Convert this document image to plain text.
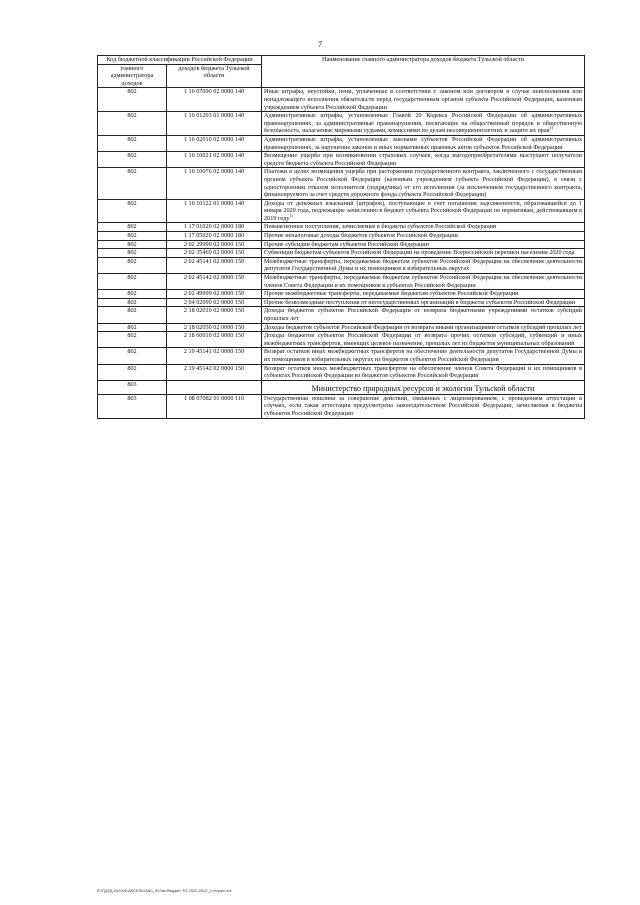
7
Код бюджетной классификации Российской Федерации		Наименование главного администратора доходов бюджета Тульской области
главного администратора доходов	доходов бюджета Тульской области	
802	1 16 07090 02 0000 140	Иные штрафы, неустойки, пени, уплаченные в соответствии с законом или договором в случае неисполнения или ненадлежащего исполнения обязательств перед государственным органом субъекта Российской Федерации, казенным учреждением субъекта Российской Федерации
802	1 16 01203 01 0000 140	Административные штрафы, установленные Главой 20 Кодекса Российской Федерации об административных правонарушениях, за административные правонарушения, посягающие на общественный порядок и общественную безопасность, налагаемые мировыми судьями, комиссиями по делам несовершеннолетних и защите их прав$^{1)}$
802	1 16 02010 02 0000 140	Административные штрафы, установленные законами субъектов Российской Федерации об административных правонарушениях, за нарушение законов и иных нормативных правовых актов субъектов Российской Федерации
802	1 16 10021 02 0000 140	Возмещение ущерба при возникновении страховых случаев, когда выгодоприобретателями выступают получатели средств бюджета субъекта Российской Федерации
802	1 16 10076 02 0000 140	Платежи в целях возмещения ущерба при расторжении государственного контракта, заключенного с государственным органом субъекта Российской Федерации (казенным учреждением субъекта Российской Федерации), в связи с односторонним отказом исполнителя (подрядчика) от его исполнения (за исключением государственного контракта, финансируемого за счет средств дорожного фонда субъекта Российской Федерации)
802	1 16 10122 01 0000 140	Доходы от денежных взысканий (штрафов), поступающие в счет погашения задолженности, образовавшейся до 1 января 2020 года, подлежащие зачислению в бюджет субъекта Российской Федерации по нормативам, действовавшим в 2019 году$^{1)}$
802	1 17 01020 02 0000 180	Невыясненные поступления, зачисляемые в бюджеты субъектов Российской Федерации
802	1 17 05020 02 0000 180	Прочие неналоговые доходы бюджетов субъектов Российской Федерации
802	2 02 29999 02 0000 150	Прочие субсидии бюджетам субъектов Российской Федерации
802	2 02 35469 02 0000 150	Субвенции бюджетам субъектов Российской Федерации на проведение Всероссийской переписи населения 2020 года
802	2 02 45141 02 0000 150	Межбюджетные трансферты, передаваемые бюджетам субъектов Российской Федерации на обеспечение деятельности депутатов Государственной Думы и их помощников в избирательных округах
802	2 02 45142 02 0000 150	Межбюджетные трансферты, передаваемые бюджетам субъектов Российской Федерации на обеспечение деятельности членов Совета Федерации и их помощников в субъектах Российской Федерации
802	2 02 49999 02 0000 150	Прочие межбюджетные трансферты, передаваемые бюджетам субъектов Российской Федерации
802	2 04 02099 02 0000 150	Прочие безвозмездные поступления от негосударственных организаций в бюджеты субъектов Российской Федерации
802	2 18 02010 02 0000 150	Доходы бюджетов субъектов Российской Федерации от возврата бюджетными учреждениями остатков субсидий прошлых лет
802	2 18 02030 02 0000 150	Доходы бюджетов субъектов Российской Федерации от возврата иными организациями остатков субсидий прошлых лет
802	2 18 60010 02 0000 150	Доходы бюджетов субъектов Российской Федерации от возврата прочих остатков субсидий, субвенций и иных межбюджетных трансфертов, имеющих целевое назначение, прошлых лет из бюджетов муниципальных образований
802	2 19 45141 02 0000 150	Возврат остатков иных межбюджетных трансфертов на обеспечение деятельности депутатов Государственной Думы и их помощников в избирательных округах из бюджетов субъектов Российской Федерации
802	2 19 45142 02 0000 150	Возврат остатков иных межбюджетных трансфертов на обеспечение членов Совета Федерации и их помощников в субъектах Российской Федерации из бюджетов субъектов Российской Федерации
803		Министерство природных ресурсов и экологии Тульской области
803	1 08 07082 01 0000 110	Государственная пошлина за совершение действий, связанных с лицензированием, с проведением аттестации в случаях, если такая аттестация предусмотрена законодательством Российской Федерации, зачисляемая в бюджеты субъектов Российской Федерации
D:\ГД\ГД-2020\Ф-АКСЕЛЬ\ЗАС_Ф\Зак бюджет ТО 2020-2022_1 п\прил.xls
